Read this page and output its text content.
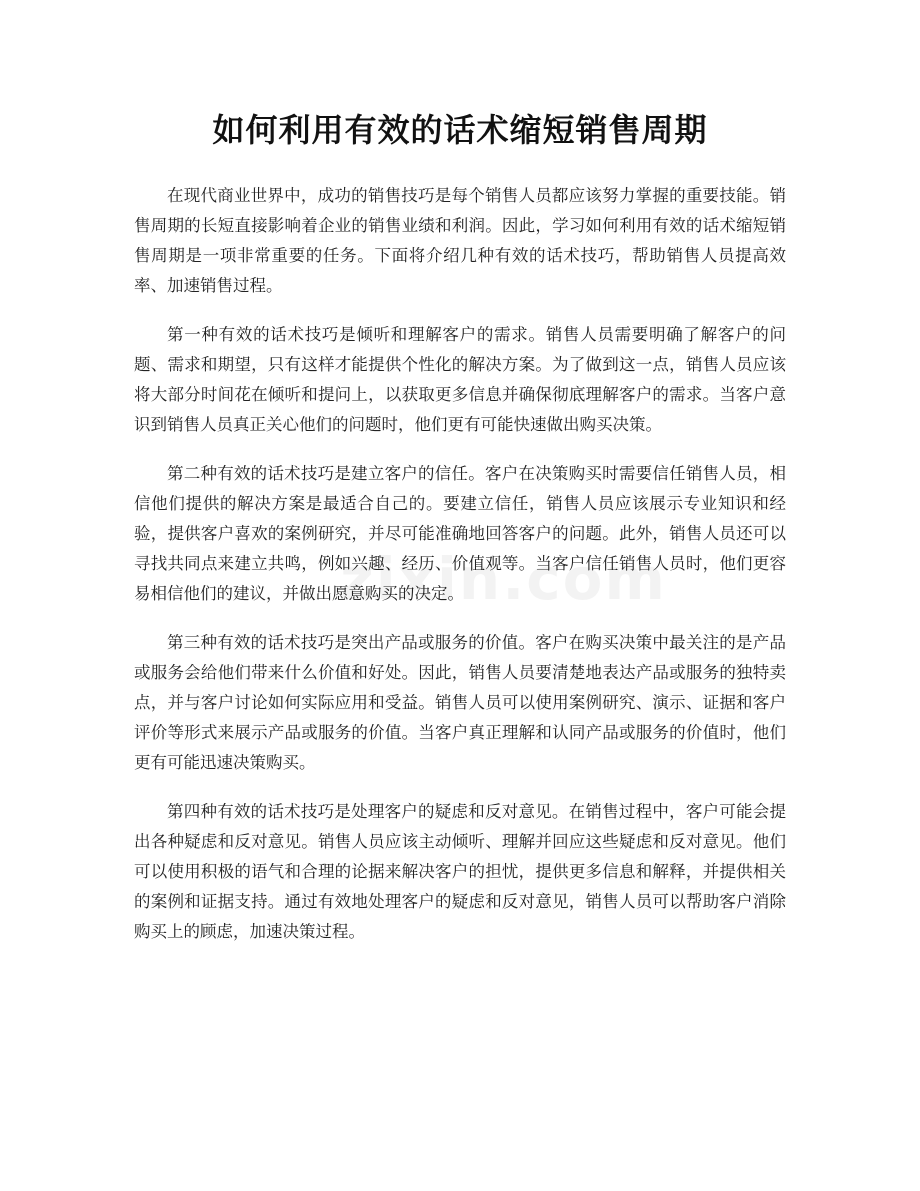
如何利用有效的话术缩短销售周期

在现代商业世界中，成功的销售技巧是每个销售人员都应该努力掌握的重要技能。销售周期的长短直接影响着企业的销售业绩和利润。因此，学习如何利用有效的话术缩短销售周期是一项非常重要的任务。下面将介绍几种有效的话术技巧，帮助销售人员提高效率、加速销售过程。

第一种有效的话术技巧是倾听和理解客户的需求。销售人员需要明确了解客户的问题、需求和期望，只有这样才能提供个性化的解决方案。为了做到这一点，销售人员应该将大部分时间花在倾听和提问上，以获取更多信息并确保彻底理解客户的需求。当客户意识到销售人员真正关心他们的问题时，他们更有可能快速做出购买决策。

第二种有效的话术技巧是建立客户的信任。客户在决策购买时需要信任销售人员，相信他们提供的解决方案是最适合自己的。要建立信任，销售人员应该展示专业知识和经验，提供客户喜欢的案例研究，并尽可能准确地回答客户的问题。此外，销售人员还可以寻找共同点来建立共鸣，例如兴趣、经历、价值观等。当客户信任销售人员时，他们更容易相信他们的建议，并做出愿意购买的决定。

第三种有效的话术技巧是突出产品或服务的价值。客户在购买决策中最关注的是产品或服务会给他们带来什么价值和好处。因此，销售人员要清楚地表达产品或服务的独特卖点，并与客户讨论如何实际应用和受益。销售人员可以使用案例研究、演示、证据和客户评价等形式来展示产品或服务的价值。当客户真正理解和认同产品或服务的价值时，他们更有可能迅速决策购买。

第四种有效的话术技巧是处理客户的疑虑和反对意见。在销售过程中，客户可能会提出各种疑虑和反对意见。销售人员应该主动倾听、理解并回应这些疑虑和反对意见。他们可以使用积极的语气和合理的论据来解决客户的担忧，提供更多信息和解释，并提供相关的案例和证据支持。通过有效地处理客户的疑虑和反对意见，销售人员可以帮助客户消除购买上的顾虑，加速决策过程。
